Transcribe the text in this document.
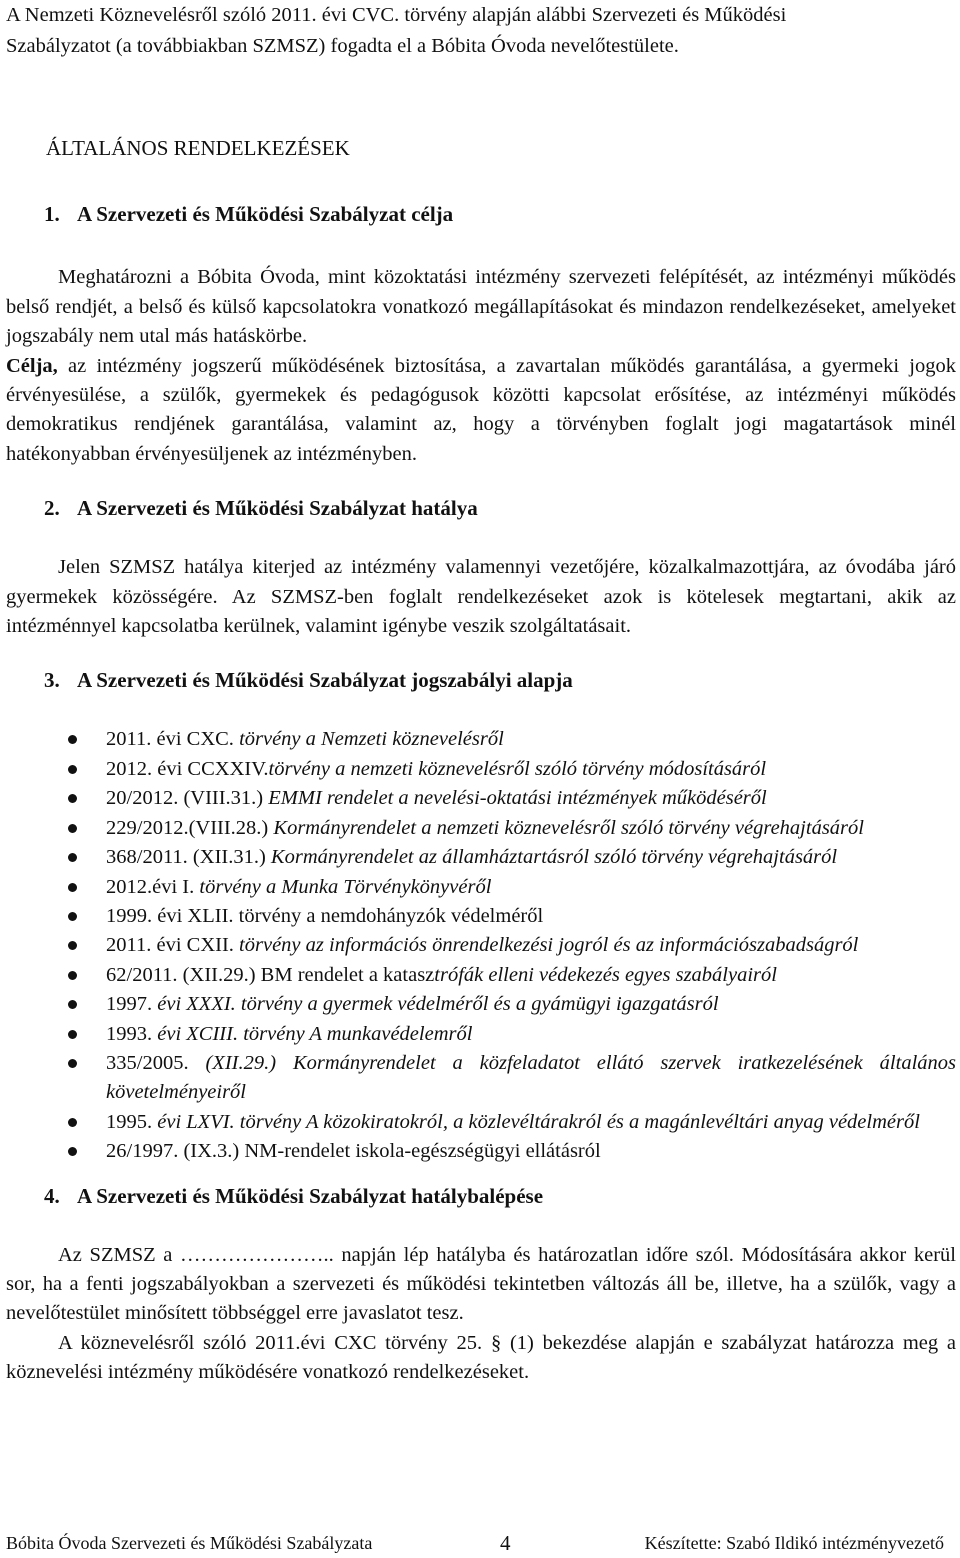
A Nemzeti Köznevelésről szóló 2011. évi CVC. törvény alapján alábbi Szervezeti és Működési
Szabályzatot (a továbbiakban SZMSZ) fogadta el a Bóbita Óvoda nevelőtestülete.

ÁLTALÁNOS RENDELKEZÉSEK
1. A Szervezeti és Működési Szabályzat célja

Meghatározni a Bóbita Óvoda, mint közoktatási intézmény szervezeti felépítését, az intézményi működés belső rendjét, a belső és külső kapcsolatokra vonatkozó megállapításokat és mindazon rendelkezéseket, amelyeket jogszabály nem utal más hatáskörbe.

Célja, az intézmény jogszerű működésének biztosítása, a zavartalan működés garantálása, a gyermeki jogok érvényesülése, a szülők, gyermekek és pedagógusok közötti kapcsolat erősítése, az intézményi működés demokratikus rendjének garantálása, valamint az, hogy a törvényben foglalt jogi magatartások minél hatékonyabban érvényesüljenek az intézményben.

2. A Szervezeti és Működési Szabályzat hatálya

Jelen SZMSZ hatálya kiterjed az intézmény valamennyi vezetőjére, közalkalmazottjára, az óvodába járó gyermekek közösségére. Az SZMSZ-ben foglalt rendelkezéseket azok is kötelesek megtartani, akik az intézménnyel kapcsolatba kerülnek, valamint igénybe veszik szolgáltatásait.

3. A Szervezeti és Működési Szabályzat jogszabályi alapja
2011. évi CXC. törvény a Nemzeti köznevelésről
2012. évi CCXXIV.törvény a nemzeti köznevelésről szóló törvény módosításáról
20/2012. (VIII.31.) EMMI rendelet a nevelési-oktatási intézmények működéséről
229/2012.(VIII.28.) Kormányrendelet a nemzeti köznevelésről szóló törvény végrehajtásáról
368/2011. (XII.31.) Kormányrendelet az államháztartásról szóló törvény végrehajtásáról
2012.évi I. törvény a Munka Törvénykönyvéről
1999. évi XLII. törvény a nemdohányzók védelméről
2011. évi CXII. törvény az információs önrendelkezési jogról és az információszabadságról
62/2011. (XII.29.) BM rendelet a katasztrófák elleni védekezés egyes szabályairól
1997. évi XXXI. törvény a gyermek védelméről és a gyámügyi igazgatásról
1993. évi XCIII. törvény A munkavédelemről
335/2005. (XII.29.) Kormányrendelet a közfeladatot ellátó szervek iratkezelésének általános követelményeiről
1995. évi LXVI. törvény A közokiratokról, a közlevéltárakról és a magánlevéltári anyag védelméről
26/1997. (IX.3.) NM-rendelet iskola-egészségügyi ellátásról
4. A Szervezeti és Működési Szabályzat hatálybalépése

Az SZMSZ a ………………….. napján lép hatályba és határozatlan időre szól. Módosítására akkor kerül sor, ha a fenti jogszabályokban a szervezeti és működési tekintetben változás áll be, illetve, ha a szülők, vagy a nevelőtestület minősített többséggel erre javaslatot tesz.

A köznevelésről szóló 2011.évi CXC törvény 25. § (1) bekezdése alapján e szabályzat határozza meg a köznevelési intézmény működésére vonatkozó rendelkezéseket.

Bóbita Óvoda Szervezeti és Működési Szabályzata	4	Készítette: Szabó Ildikó intézményvezető
